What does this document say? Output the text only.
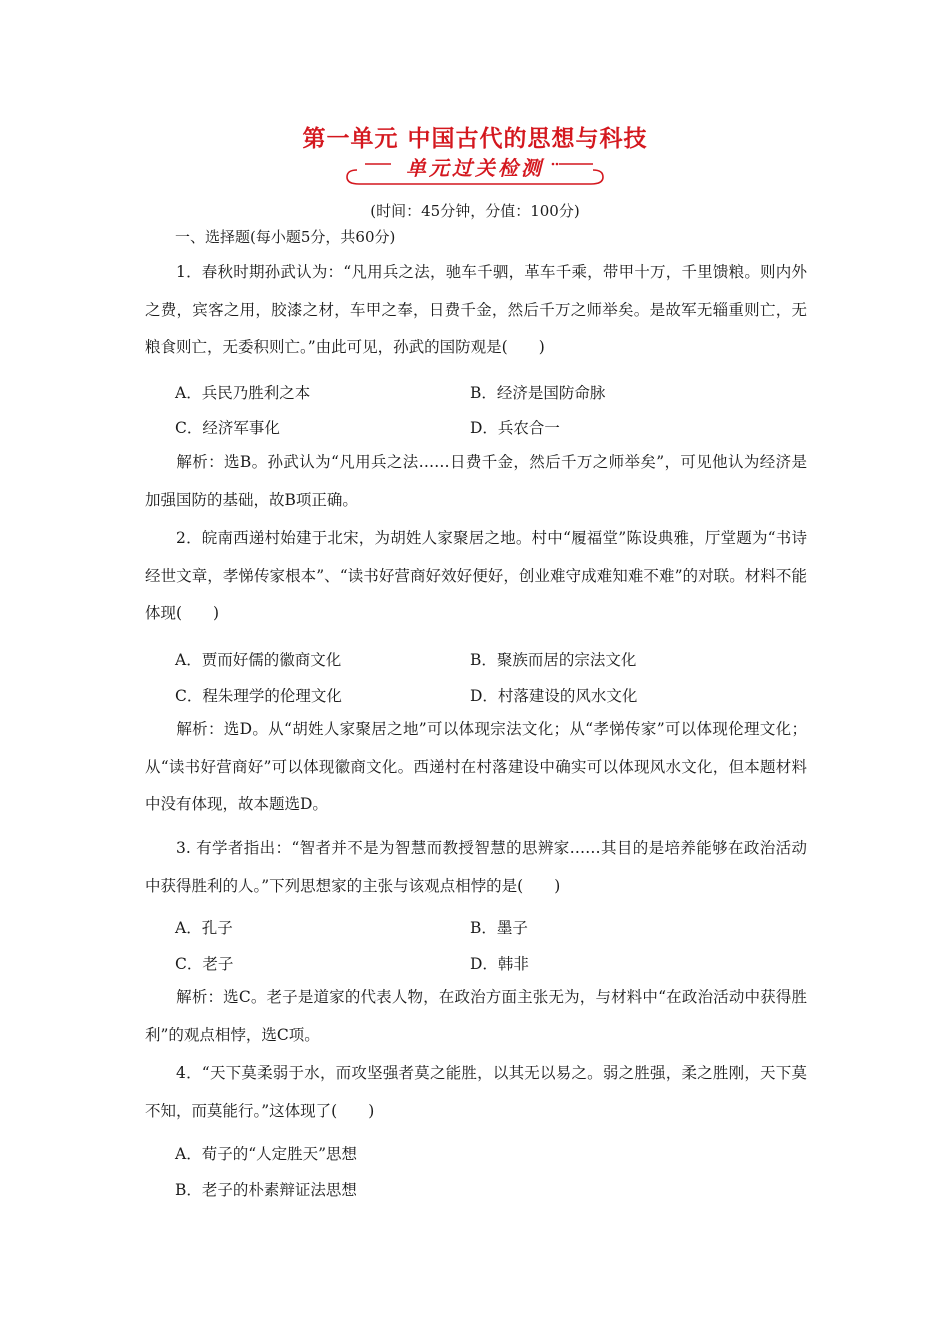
第一单元 中国古代的思想与科技
单元过关检测
(时间：45分钟，分值：100分)
一、选择题(每小题5分，共60分)
1．春秋时期孙武认为：“凡用兵之法，驰车千驷，革车千乘，带甲十万，千里馈粮。则内外之费，宾客之用，胶漆之材，车甲之奉，日费千金，然后千万之师举矣。是故军无辎重则亡，无粮食则亡，无委积则亡。”由此可见，孙武的国防观是(　　)
A．兵民乃胜利之本	B．经济是国防命脉
C．经济军事化	D．兵农合一
解析：选B。孙武认为“凡用兵之法……日费千金，然后千万之师举矣”，可见他认为经济是加强国防的基础，故B项正确。
2．皖南西递村始建于北宋，为胡姓人家聚居之地。村中“履福堂”陈设典雅，厅堂题为“书诗经世文章，孝悌传家根本”、“读书好营商好效好便好，创业难守成难知难不难”的对联。材料不能体现(　　)
A．贾而好儒的徽商文化	B．聚族而居的宗法文化
C．程朱理学的伦理文化	D．村落建设的风水文化
解析：选D。从“胡姓人家聚居之地”可以体现宗法文化；从“孝悌传家”可以体现伦理文化；从“读书好营商好”可以体现徽商文化。西递村在村落建设中确实可以体现风水文化，但本题材料中没有体现，故本题选D。
3. 有学者指出：“智者并不是为智慧而教授智慧的思辨家……其目的是培养能够在政治活动中获得胜利的人。”下列思想家的主张与该观点相悖的是(　　)
A．孔子	B．墨子
C．老子	D．韩非
解析：选C。老子是道家的代表人物，在政治方面主张无为，与材料中“在政治活动中获得胜利”的观点相悖，选C项。
4．“天下莫柔弱于水，而攻坚强者莫之能胜，以其无以易之。弱之胜强，柔之胜刚，天下莫不知，而莫能行。”这体现了(　　)
A．荀子的“人定胜天”思想
B．老子的朴素辩证法思想
